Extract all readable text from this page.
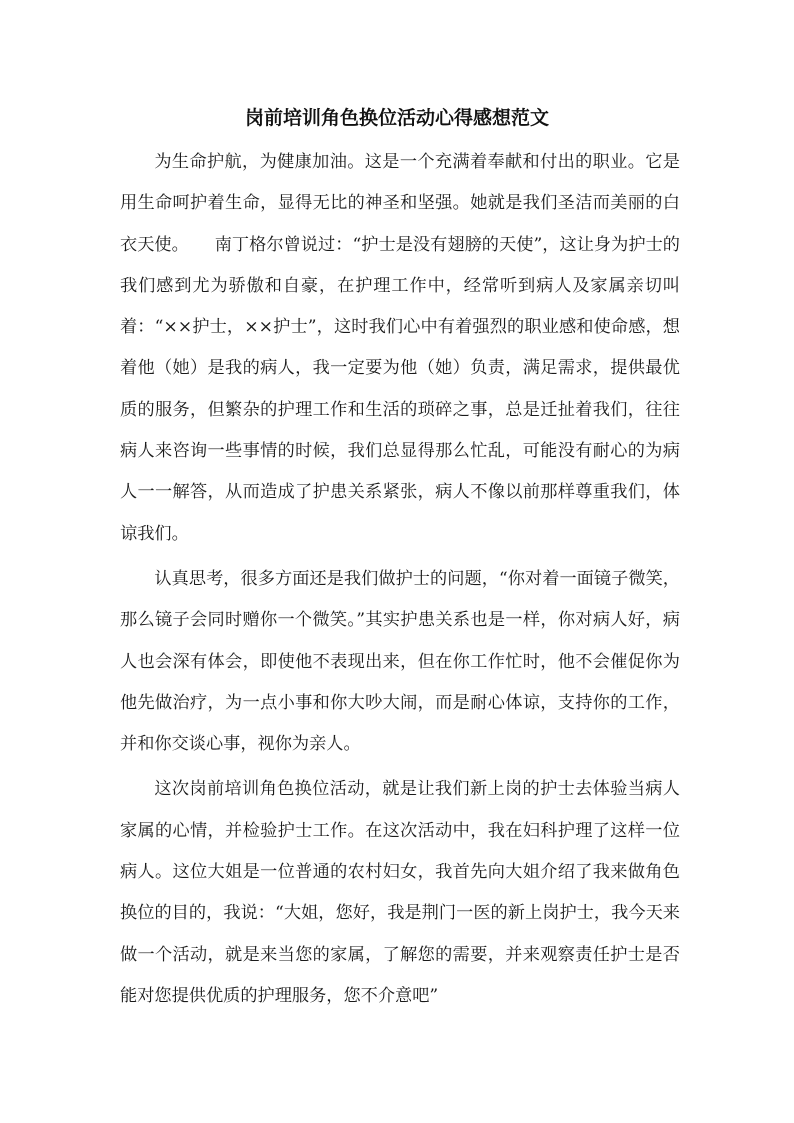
岗前培训角色换位活动心得感想范文

为生命护航，为健康加油。这是一个充满着奉献和付出的职业。它是用生命呵护着生命，显得无比的神圣和坚强。她就是我们圣洁而美丽的白衣天使。　　南丁格尔曾说过：“护士是没有翅膀的天使”，这让身为护士的我们感到尤为骄傲和自豪，在护理工作中，经常听到病人及家属亲切叫着：“××护士，××护士”，这时我们心中有着强烈的职业感和使命感，想着他（她）是我的病人，我一定要为他（她）负责，满足需求，提供最优质的服务，但繁杂的护理工作和生活的琐碎之事，总是迁扯着我们，往往病人来咨询一些事情的时候，我们总显得那么忙乱，可能没有耐心的为病人一一解答，从而造成了护患关系紧张，病人不像以前那样尊重我们，体谅我们。

认真思考，很多方面还是我们做护士的问题，“你对着一面镜子微笑，那么镜子会同时赠你一个微笑。”其实护患关系也是一样，你对病人好，病人也会深有体会，即使他不表现出来，但在你工作忙时，他不会催促你为他先做治疗，为一点小事和你大吵大闹，而是耐心体谅，支持你的工作，并和你交谈心事，视你为亲人。

这次岗前培训角色换位活动，就是让我们新上岗的护士去体验当病人家属的心情，并检验护士工作。在这次活动中，我在妇科护理了这样一位病人。这位大姐是一位普通的农村妇女，我首先向大姐介绍了我来做角色换位的目的，我说：“大姐，您好，我是荆门一医的新上岗护士，我今天来做一个活动，就是来当您的家属，了解您的需要，并来观察责任护士是否能对您提供优质的护理服务，您不介意吧”
